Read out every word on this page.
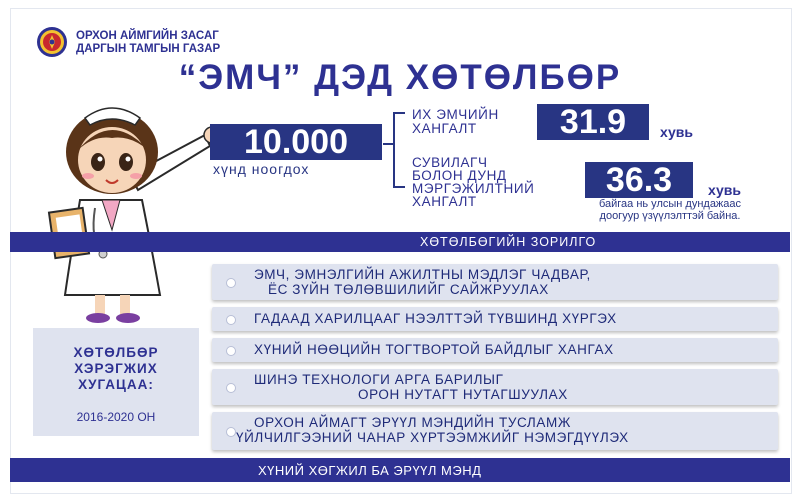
ОРХОН АЙМГИЙН ЗАСАГ
ДАРГЫН ТАМГЫН ГАЗАР
“ЭМЧ” ДЭД ХӨТӨЛБӨР
10.000
хүнд ноогдох
ИХ ЭМЧИЙН
ХАНГАЛТ	31.9	хувь
СУВИЛАГЧ
БОЛОН ДУНД
МЭРГЭЖИЛТНИЙ
ХАНГАЛТ
36.3	хувь
байгаа нь улсын дундажаас
доогуур үзүүлэлттэй байна.
ХӨТӨЛБӨГИЙН ЗОРИЛГО
ЭМЧ, ЭМНЭЛГИЙН АЖИЛТНЫ МЭДЛЭГ ЧАДВАР,
ЁС ЗҮЙН ТӨЛӨВШИЛИЙГ САЙЖРУУЛАХ
ГАДААД ХАРИЛЦААГ НЭЭЛТТЭЙ ТҮВШИНД ХҮРГЭХ
ХҮНИЙ НӨӨЦИЙН ТОГТВОРТОЙ БАЙДЛЫГ ХАНГАХ
ШИНЭ ТЕХНОЛОГИ АРГА БАРИЛЫГ
ОРОН НУТАГТ НУТАГШУУЛАХ
ОРХОН АЙМАГТ ЭРҮҮЛ МЭНДИЙН ТУСЛАМЖ
ҮЙЛЧИЛГЭЭНИЙ ЧАНАР ХҮРТЭЭМЖИЙГ НЭМЭГДҮҮЛЭХ
ХӨТӨЛБӨР
ХЭРЭГЖИХ
ХУГАЦАА:
2016-2020 ОН
ХҮНИЙ ХӨГЖИЛ БА ЭРҮҮЛ МЭНД
